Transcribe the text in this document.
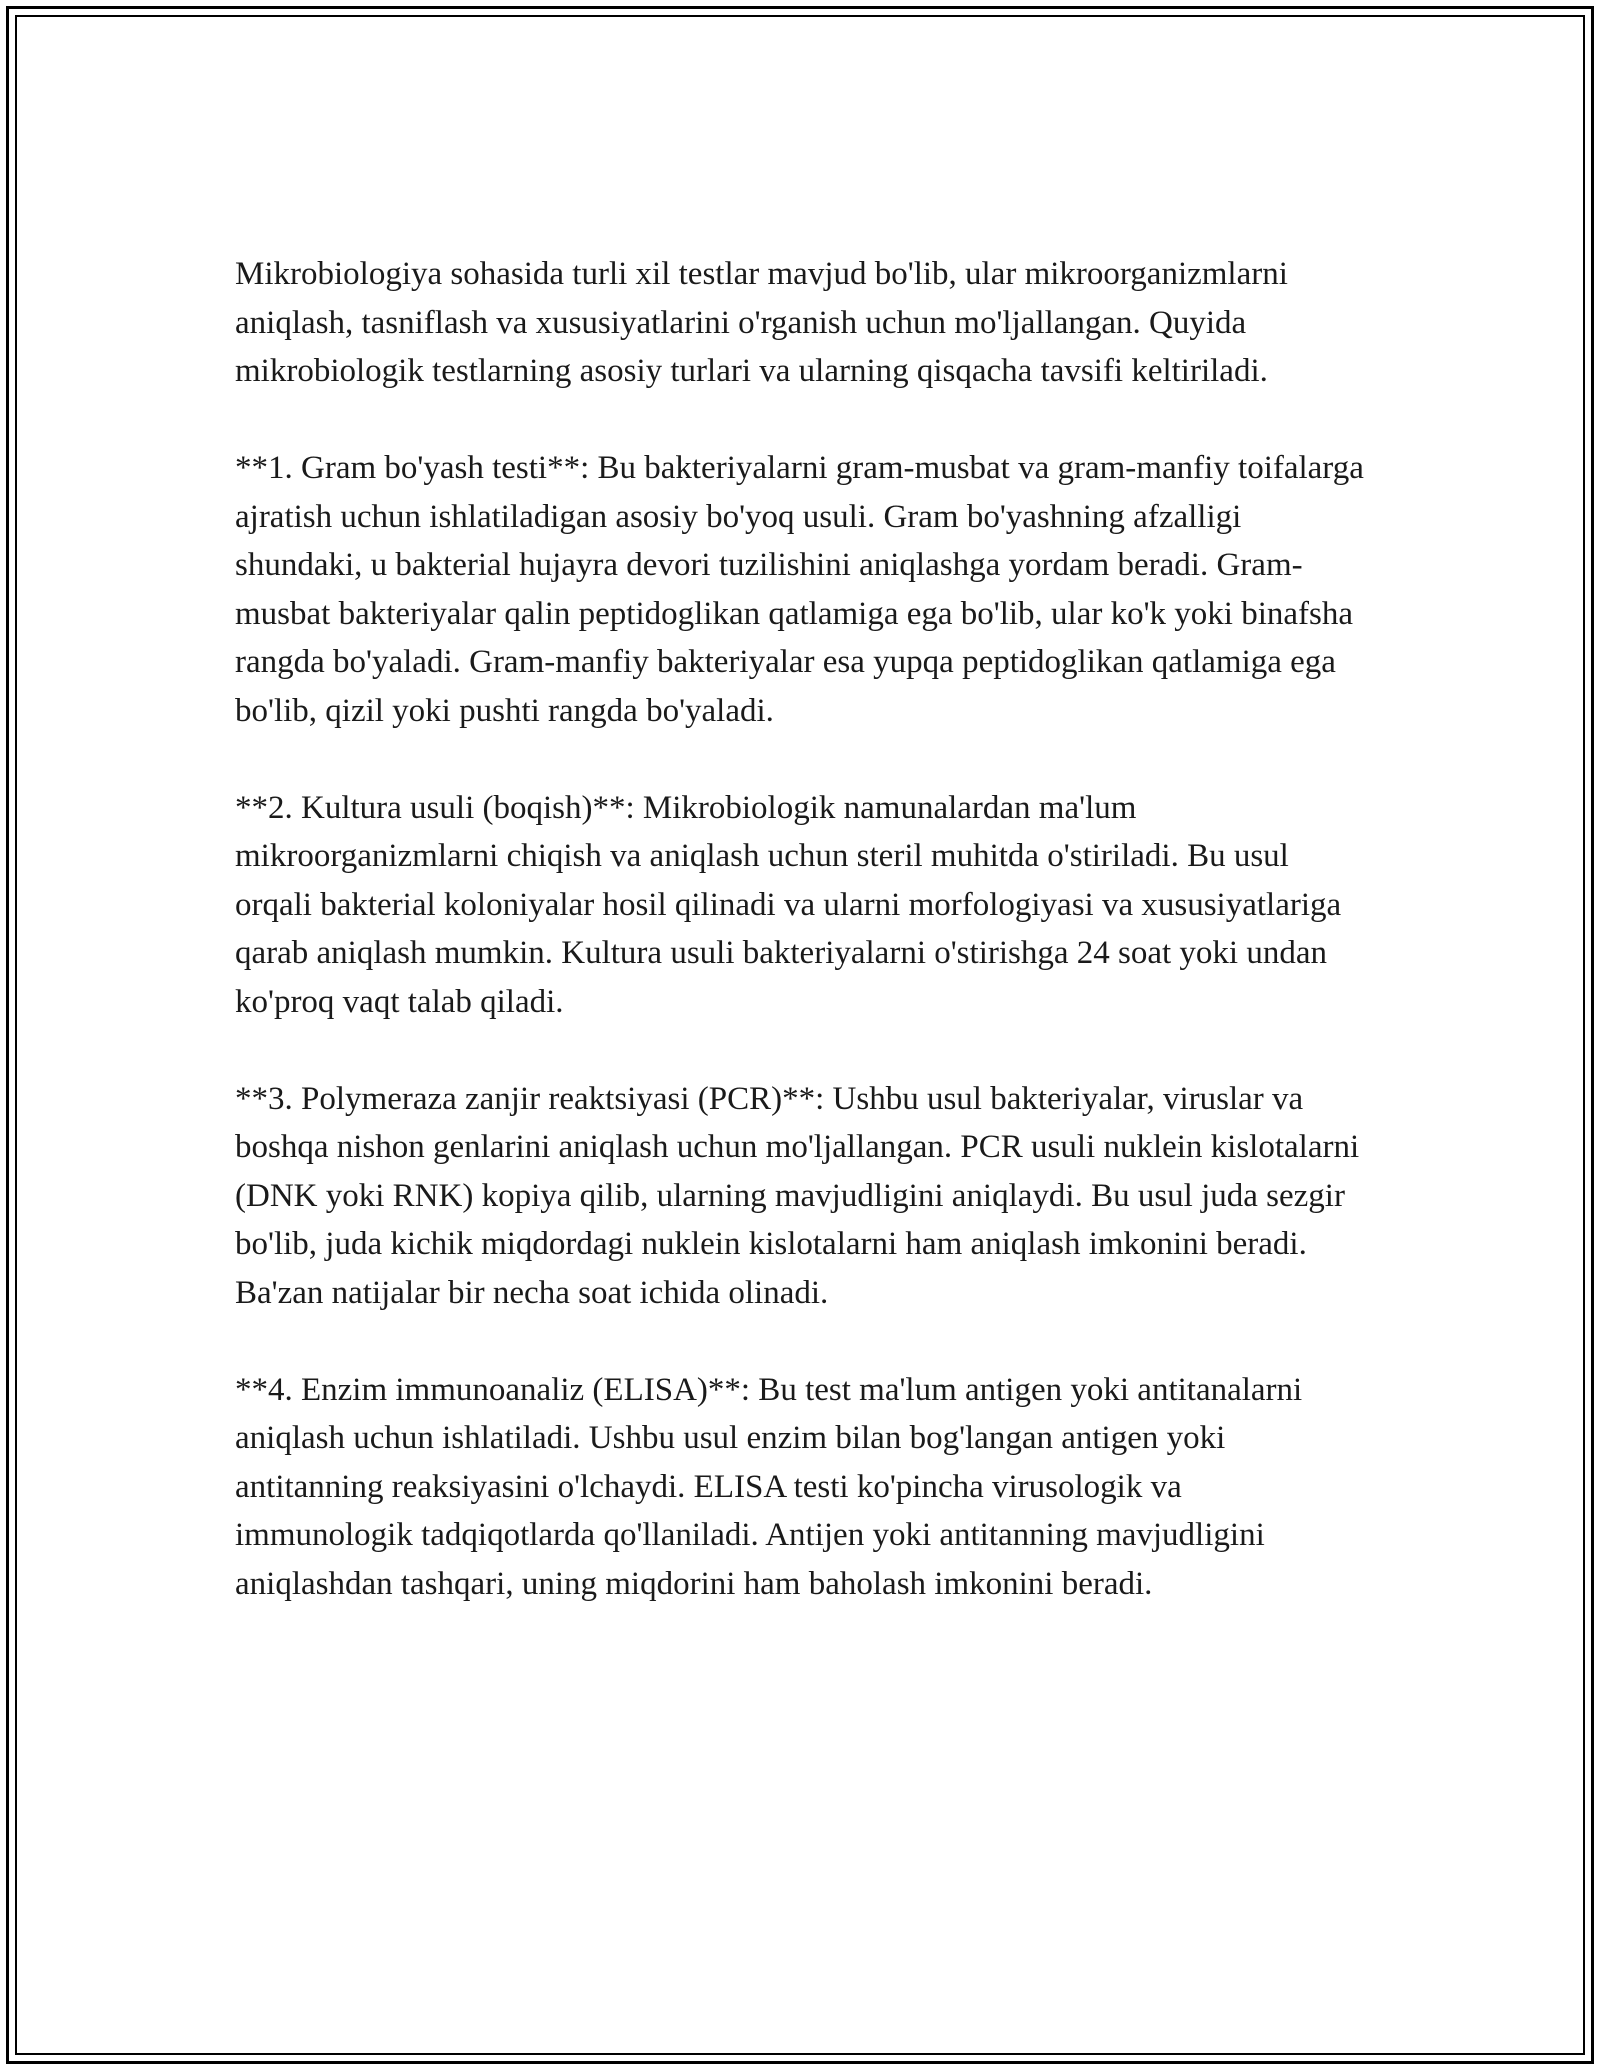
Mikrobiologiya sohasida turli xil testlar mavjud bo'lib, ular mikroorganizmlarni aniqlash, tasniflash va xususiyatlarini o'rganish uchun mo'ljallangan. Quyida mikrobiologik testlarning asosiy turlari va ularning qisqacha tavsifi keltiriladi.

**1. Gram bo'yash testi**: Bu bakteriyalarni gram-musbat va gram-manfiy toifalarga ajratish uchun ishlatiladigan asosiy bo'yoq usuli. Gram bo'yashning afzalligi shundaki, u bakterial hujayra devori tuzilishini aniqlashga yordam beradi. Gram-musbat bakteriyalar qalin peptidoglikan qatlamiga ega bo'lib, ular ko'k yoki binafsha rangda bo'yaladi. Gram-manfiy bakteriyalar esa yupqa peptidoglikan qatlamiga ega bo'lib, qizil yoki pushti rangda bo'yaladi.

**2. Kultura usuli (boqish)**: Mikrobiologik namunalardan ma'lum mikroorganizmlarni chiqish va aniqlash uchun steril muhitda o'stiriladi. Bu usul orqali bakterial koloniyalar hosil qilinadi va ularni morfologiyasi va xususiyatlariga qarab aniqlash mumkin. Kultura usuli bakteriyalarni o'stirishga 24 soat yoki undan ko'proq vaqt talab qiladi.

**3. Polymeraza zanjir reaktsiyasi (PCR)**: Ushbu usul bakteriyalar, viruslar va boshqa nishon genlarini aniqlash uchun mo'ljallangan. PCR usuli nuklein kislotalarni (DNK yoki RNK) kopiya qilib, ularning mavjudligini aniqlaydi. Bu usul juda sezgir bo'lib, juda kichik miqdordagi nuklein kislotalarni ham aniqlash imkonini beradi. Ba'zan natijalar bir necha soat ichida olinadi.

**4. Enzim immunoanaliz (ELISA)**: Bu test ma'lum antigen yoki antitanalarni aniqlash uchun ishlatiladi. Ushbu usul enzim bilan bog'langan antigen yoki antitanning reaksiyasini o'lchaydi. ELISA testi ko'pincha virusologik va immunologik tadqiqotlarda qo'llaniladi. Antijen yoki antitanning mavjudligini aniqlashdan tashqari, uning miqdorini ham baholash imkonini beradi.
